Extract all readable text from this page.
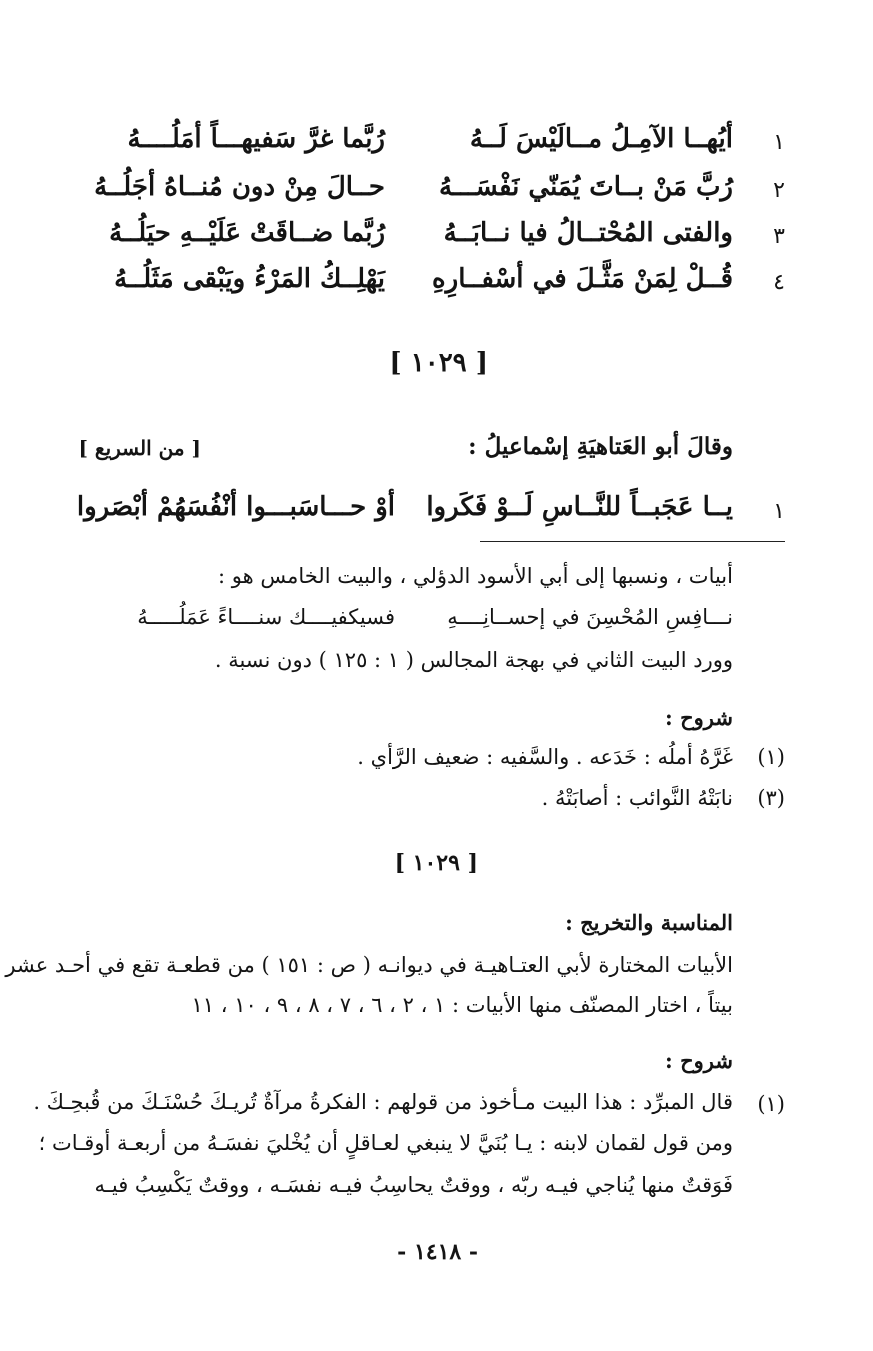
١
أيُهــا الآمِـلُ مــالَيْسَ لَــهُ
رُبَّما غرَّ سَفيهـــاً أمَلُــــهُ
٢
رُبَّ مَنْ بــاتَ يُمَنّي نَفْسَـــهُ
حــالَ مِنْ دون مُنــاهُ أجَلُــهُ
٣
والفتى المُحْتــالُ فيا نــابَــهُ
رُبَّما ضــاقَتْ عَلَيْــهِ حيَلُــهُ
٤
قُــلْ لِمَنْ مَثَّـلَ في أسْفــارِهِ
يَهْلِــكُ المَرْءُ ويَبْقى مَثَلُــهُ
[ ١٠٢٩ ]
وقالَ أبو العَتاهيَةِ إسْماعيلُ :
[ من السريع ]
١
يــا عَجَبــاً للنَّــاسِ لَــوْ فَكَروا
أوْ حـــاسَبـــوا أنْفُسَهُمْ أبْصَروا
أبيات ، ونسبها إلى أبي الأسود الدؤلي ، والبيت الخامس هو :
نـــافِسِ المُحْسِنَ في إحســانِــــهِ
فسيكفيــــك سنــــاءً عَمَلُـــــهُ
وورد البيت الثاني في بهجة المجالس ( ١ : ١٢٥ ) دون نسبة .
شروح :
(١)
غَرَّهُ أملُه : خَدَعه . والسَّفيه : ضعيف الرَّأي .
(٣)
نابَتْهُ النَّوائب : أصابَتْهُ .
[ ١٠٢٩ ]
المناسبة والتخريج :
الأبيات المختارة لأبي العتـاهيـة في ديوانـه ( ص : ١٥١ ) من قطعـة تقع في أحـد عشر
بيتاً ، اختار المصنّف منها الأبيات : ١ ، ٢ ، ٦ ، ٧ ، ٨ ، ٩ ، ١٠ ، ١١
شروح :
(١)
قال المبرِّد : هذا البيت مـأخوذ من قولهم : الفكرةُ مرآةٌ تُريـكَ حُسْنَـكَ من قُبحِـكَ .
ومن قول لقمان لابنه : يـا بُنَيَّ لا ينبغي لعـاقلٍ أن يُخْليَ نفسَـهُ من أربعـة أوقـات ؛
فَوَقتٌ منها يُناجي فيـه ربّه ، ووقتٌ يحاسِبُ فيـه نفسَـه ، ووقتٌ يَكْسِبُ فيـه
- ١٤١٨ -
